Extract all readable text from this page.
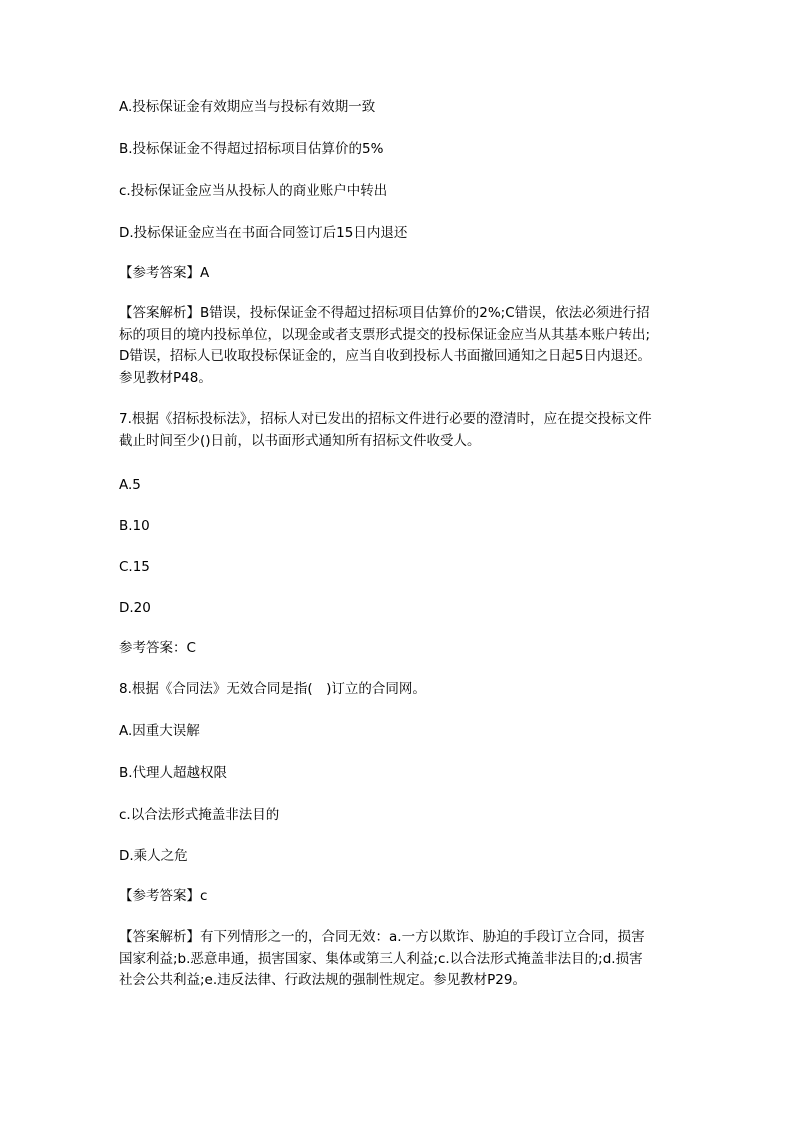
A.投标保证金有效期应当与投标有效期一致
B.投标保证金不得超过招标项目估算价的5%
c.投标保证金应当从投标人的商业账户中转出
D.投标保证金应当在书面合同签订后15日内退还
【参考答案】A
【答案解析】B错误，投标保证金不得超过招标项目估算价的2%;C错误，依法必须进行招
标的项目的境内投标单位，以现金或者支票形式提交的投标保证金应当从其基本账户转出;
D错误，招标人已收取投标保证金的，应当自收到投标人书面撤回通知之日起5日内退还。
参见教材P48。
7.根据《招标投标法》，招标人对已发出的招标文件进行必要的澄清时，应在提交投标文件
截止时间至少()日前，以书面形式通知所有招标文件收受人。
A.5
B.10
C.15
D.20
参考答案：C
8.根据《合同法》无效合同是指(　)订立的合同网。
A.因重大误解
B.代理人超越权限
c.以合法形式掩盖非法目的
D.乘人之危
【参考答案】c
【答案解析】有下列情形之一的，合同无效：a.一方以欺诈、胁迫的手段订立合同，损害
国家利益;b.恶意串通，损害国家、集体或第三人利益;c.以合法形式掩盖非法目的;d.损害
社会公共利益;e.违反法律、行政法规的强制性规定。参见教材P29。
